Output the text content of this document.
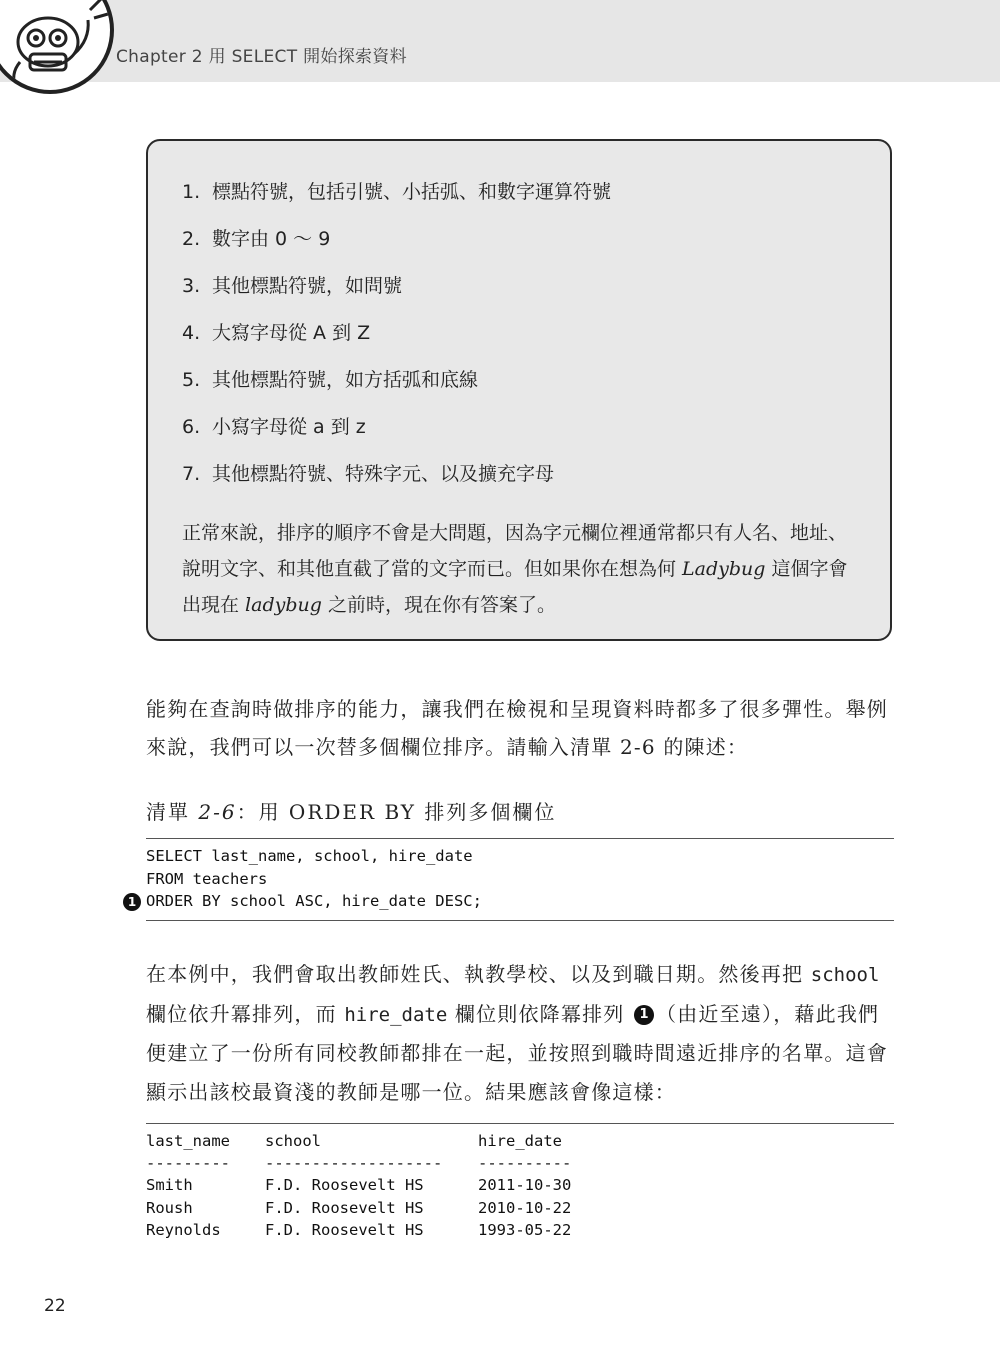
Chapter 2 用 SELECT 開始探索資料
1. 標點符號，包括引號、小括弧、和數字運算符號
2. 數字由 0 ～ 9
3. 其他標點符號，如問號
4. 大寫字母從 A 到 Z
5. 其他標點符號，如方括弧和底線
6. 小寫字母從 a 到 z
7. 其他標點符號、特殊字元、以及擴充字母

正常來說，排序的順序不會是大問題，因為字元欄位裡通常都只有人名、地址、說明文字、和其他直截了當的文字而已。但如果你在想為何 Ladybug 這個字會出現在 ladybug 之前時，現在你有答案了。

能夠在查詢時做排序的能力，讓我們在檢視和呈現資料時都多了很多彈性。舉例來說，我們可以一次替多個欄位排序。請輸入清單 2-6 的陳述：

清單 2-6：用 ORDER BY 排列多個欄位
SELECT last_name, school, hire_date
FROM teachers
ORDER BY school ASC, hire_date DESC;
1

在本例中，我們會取出教師姓氏、執教學校、以及到職日期。然後再把 school 欄位依升冪排列，而 hire_date 欄位則依降冪排列 1 （由近至遠），藉此我們便建立了一份所有同校教師都排在一起，並按照到職時間遠近排序的名單。這會顯示出該校最資淺的教師是哪一位。結果應該會像這樣：

last_name school	hire_date
--------- ------------------- ----------
Smith	F.D. Roosevelt HS	2011-10-30
Roush	F.D. Roosevelt HS	2010-10-22
Reynolds	F.D. Roosevelt HS	1993-05-22
22
